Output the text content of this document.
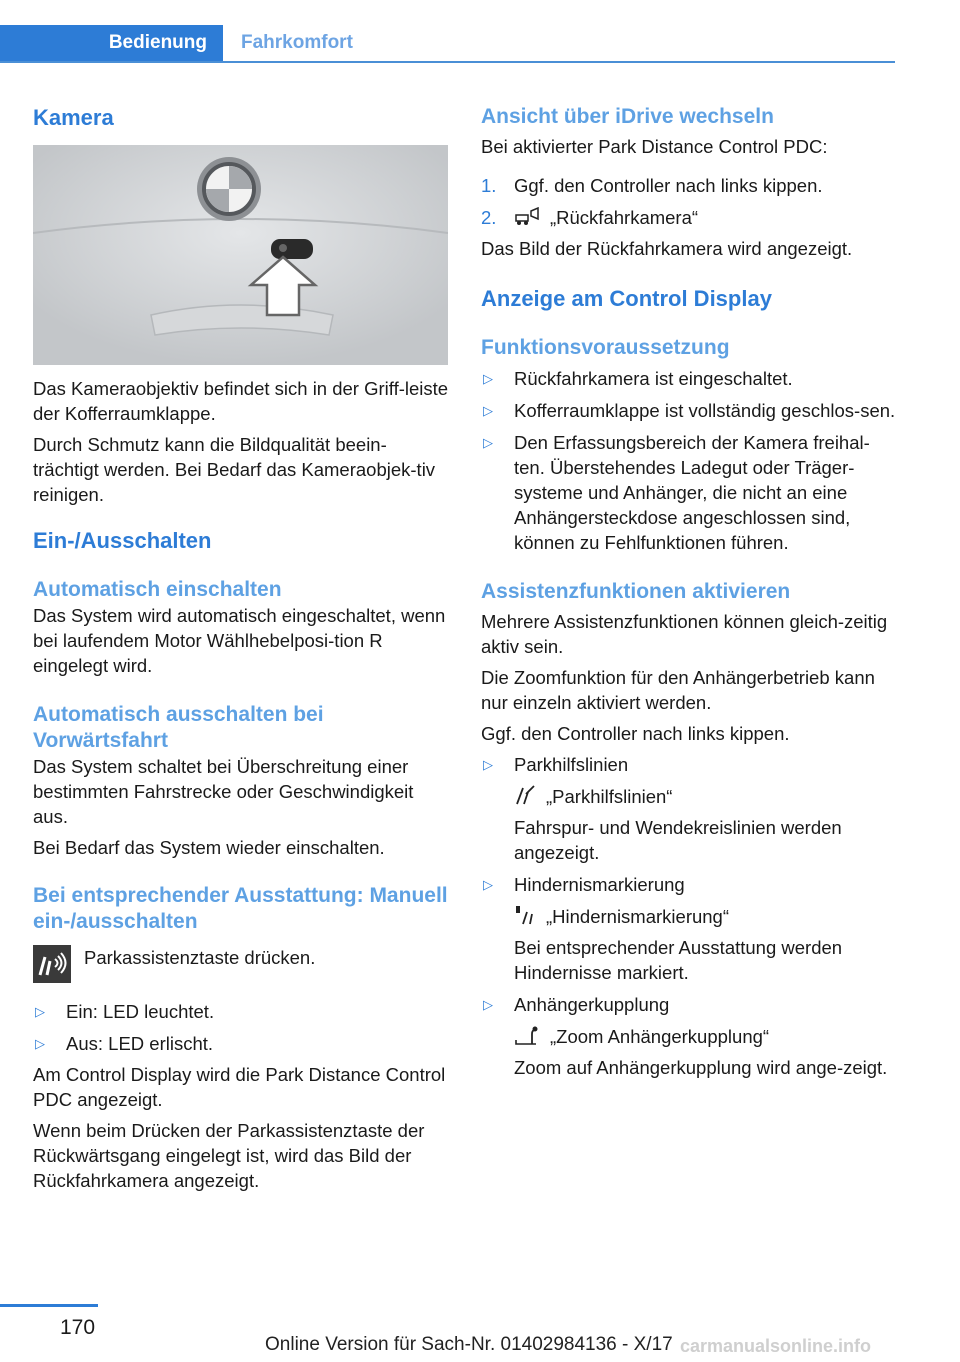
Bedienung	Fahrkomfort
Kamera

Das Kameraobjektiv befindet sich in der Griff‐leiste der Kofferraumklappe.

Durch Schmutz kann die Bildqualität beein‐trächtigt werden. Bei Bedarf das Kameraobjek‐tiv reinigen.

Ein-/Ausschalten
Automatisch einschalten

Das System wird automatisch eingeschaltet, wenn bei laufendem Motor Wählhebelposi‐tion R eingelegt wird.

Automatisch ausschalten bei Vorwärtsfahrt

Das System schaltet bei Überschreitung einer bestimmten Fahrstrecke oder Geschwindigkeit aus.

Bei Bedarf das System wieder einschalten.

Bei entsprechender Ausstattung: Manuell ein-/ausschalten

Parkassistenztaste drücken.

▷ Ein: LED leuchtet.
▷ Aus: LED erlischt.

Am Control Display wird die Park Distance Control PDC angezeigt.

Wenn beim Drücken der Parkassistenztaste der Rückwärtsgang eingelegt ist, wird das Bild der Rückfahrkamera angezeigt.

Ansicht über iDrive wechseln

Bei aktivierter Park Distance Control PDC:

1. Ggf. den Controller nach links kippen.
2.	„Rückfahrkamera“

Das Bild der Rückfahrkamera wird angezeigt.

Anzeige am Control Display
Funktionsvoraussetzung
▷ Rückfahrkamera ist eingeschaltet.
▷ Kofferraumklappe ist vollständig geschlos‐sen.
▷ Den Erfassungsbereich der Kamera freihal‐ten. Überstehendes Ladegut oder Träger‐systeme und Anhänger, die nicht an eine Anhängersteckdose angeschlossen sind, können zu Fehlfunktionen führen.
Assistenzfunktionen aktivieren

Mehrere Assistenzfunktionen können gleich‐zeitig aktiv sein.

Die Zoomfunktion für den Anhängerbetrieb kann nur einzeln aktiviert werden.

Ggf. den Controller nach links kippen.

▷ Parkhilfslinien
„Parkhilfslinien“
Fahrspur- und Wendekreislinien werden angezeigt.
▷ Hindernismarkierung
„Hindernismarkierung“
Bei entsprechender Ausstattung werden Hindernisse markiert.
▷ Anhängerkupplung
„Zoom Anhängerkupplung“
Zoom auf Anhängerkupplung wird ange‐zeigt.
170
Online Version für Sach-Nr. 01402984136 - X/17 carmanualsonline.info
